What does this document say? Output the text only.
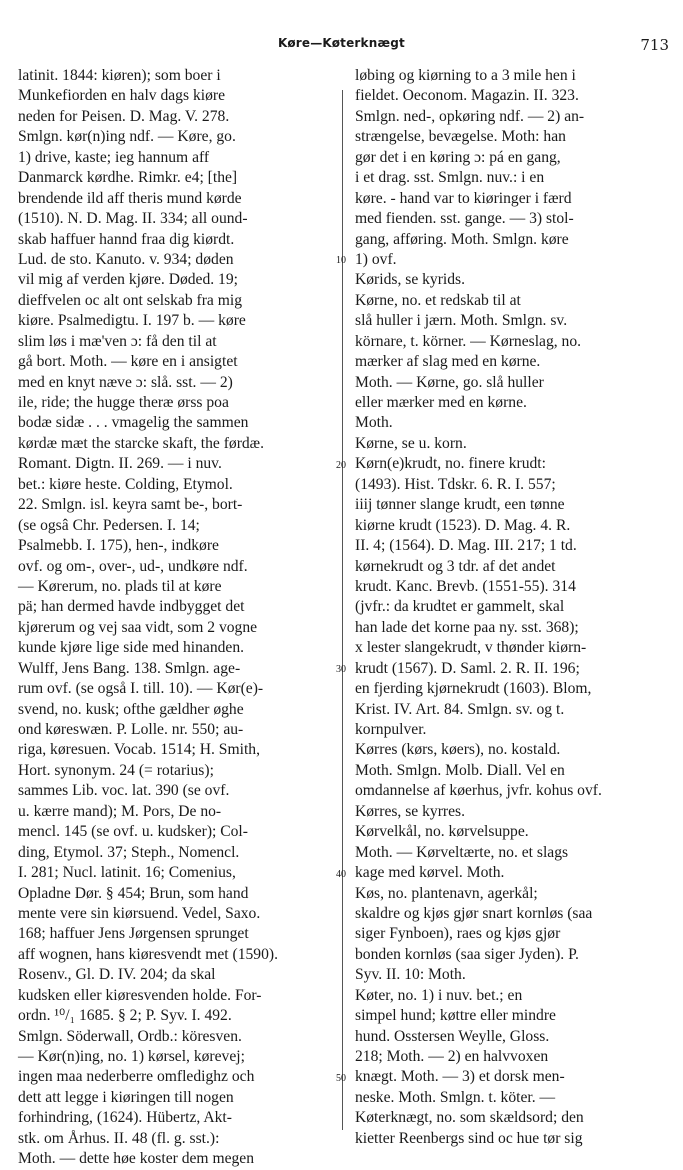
Køre—Køterknægt	713
latinit. 1844: kiøren); som boer i
Munkefiorden en halv dags kiøre
neden for Peisen. D. Mag. V. 278.
Smlgn. kør(n)ing ndf. — Køre, go.
1) drive, kaste; ieg hannum aff
Danmarck kørdhe. Rimkr. e4; [the]
brendende ild aff theris mund kørde
(1510). N. D. Mag. II. 334; all ound-
skab haffuer hannd fraa dig kiørdt.
Lud. de sto. Kanuto. v. 934; døden
vil mig af verden kjøre. Døded. 19;
dieffvelen oc alt ont selskab fra mig
kiøre. Psalmedigtu. I. 197 b. — køre
slim løs i mæ'ven ɔ: få den til at
gå bort. Moth. — køre en i ansigtet
med en knyt næve ɔ: slå. sst. — 2)
ile, ride; the hugge theræ ørss poa
bodæ sidæ . . . vmagelig the sammen
kørdæ mæt the starcke skaft, the førdæ.
Romant. Digtn. II. 269. — i nuv.
bet.: kiøre heste. Colding, Etymol.
22. Smlgn. isl. keyra samt be-, bort-
(se ogsâ Chr. Pedersen. I. 14;
Psalmebb. I. 175), hen-, indkøre
ovf. og om-, over-, ud-, undkøre ndf.
— Kørerum, no. plads til at køre
pä; han dermed havde indbygget det
kjørerum og vej saa vidt, som 2 vogne
kunde kjøre lige side med hinanden.
Wulff, Jens Bang. 138. Smlgn. age-
rum ovf. (se også I. till. 10). — Kør(e)-
svend, no. kusk; ofthe gældher øghe
ond køreswæn. P. Lolle. nr. 550; au-
riga, køresuen. Vocab. 1514; H. Smith,
Hort. synonym. 24 (= rotarius);
sammes Lib. voc. lat. 390 (se ovf.
u. kærre mand); M. Pors, De no-
mencl. 145 (se ovf. u. kudsker); Col-
ding, Etymol. 37; Steph., Nomencl.
I. 281; Nucl. latinit. 16; Comenius,
Opladne Dør. § 454; Brun, som hand
mente vere sin kiørsuend. Vedel, Saxo.
168; haffuer Jens Jørgensen sprunget
aff wognen, hans kiøresvendt met (1590).
Rosenv., Gl. D. IV. 204; da skal
kudsken eller kiøresvenden holde. For-
ordn. ¹⁰/₁ 1685. § 2; P. Syv. I. 492.
Smlgn. Söderwall, Ordb.: köresven.
— Kør(n)ing, no. 1) kørsel, kørevej;
ingen maa nederberre omfledighz och
dett att legge i kiøringen till nogen
forhindring, (1624). Hübertz, Akt-
stk. om Århus. II. 48 (fl. g. sst.):
Moth. — dette høe koster dem megen
10
20
30
40
50
løbing og kiørning to a 3 mile hen i
fieldet. Oeconom. Magazin. II. 323.
Smlgn. ned-, opkøring ndf. — 2) an-
strængelse, bevægelse. Moth: han
gør det i en køring ɔ: pá en gang,
i et drag. sst. Smlgn. nuv.: i en
køre. - hand var to kiøringer i færd
med fienden. sst. gange. — 3) stol-
gang, afføring. Moth. Smlgn. køre
1) ovf.
Kørids, se kyrids.
Kørne, no. et redskab til at
slå huller i jærn. Moth. Smlgn. sv.
körnare, t. körner. — Kørneslag, no.
mærker af slag med en kørne.
Moth. — Kørne, go. slå huller
eller mærker med en kørne.
Moth.
Kørne, se u. korn.
Kørn(e)krudt, no. finere krudt:
(1493). Hist. Tdskr. 6. R. I. 557;
iiij tønner slange krudt, een tønne
kiørne krudt (1523). D. Mag. 4. R.
II. 4; (1564). D. Mag. III. 217; 1 td.
kørnekrudt og 3 tdr. af det andet
krudt. Kanc. Brevb. (1551-55). 314
(jvfr.: da krudtet er gammelt, skal
han lade det korne paa ny. sst. 368);
x lester slangekrudt, v thønder kiørn-
krudt (1567). D. Saml. 2. R. II. 196;
en fjerding kjørnekrudt (1603). Blom,
Krist. IV. Art. 84. Smlgn. sv. og t.
kornpulver.
Kørres (kørs, køers), no. kostald.
Moth. Smlgn. Molb. Diall. Vel en
omdannelse af køerhus, jvfr. kohus ovf.
Kørres, se kyrres.
Kørvelkål, no. kørvelsuppe.
Moth. — Kørveltærte, no. et slags
kage med kørvel. Moth.
Køs, no. plantenavn, agerkål;
skaldre og kjøs gjør snart kornløs (saa
siger Fynboen), raes og kjøs gjør
bonden kornløs (saa siger Jyden). P.
Syv. II. 10: Moth.
Køter, no. 1) i nuv. bet.; en
simpel hund; køttre eller mindre
hund. Osstersen Weylle, Gloss.
218; Moth. — 2) en halvvoxen
knægt. Moth. — 3) et dorsk men-
neske. Moth. Smlgn. t. köter. —
Køterknægt, no. som skældsord; den
kietter Reenbergs sind oc hue tør sig
